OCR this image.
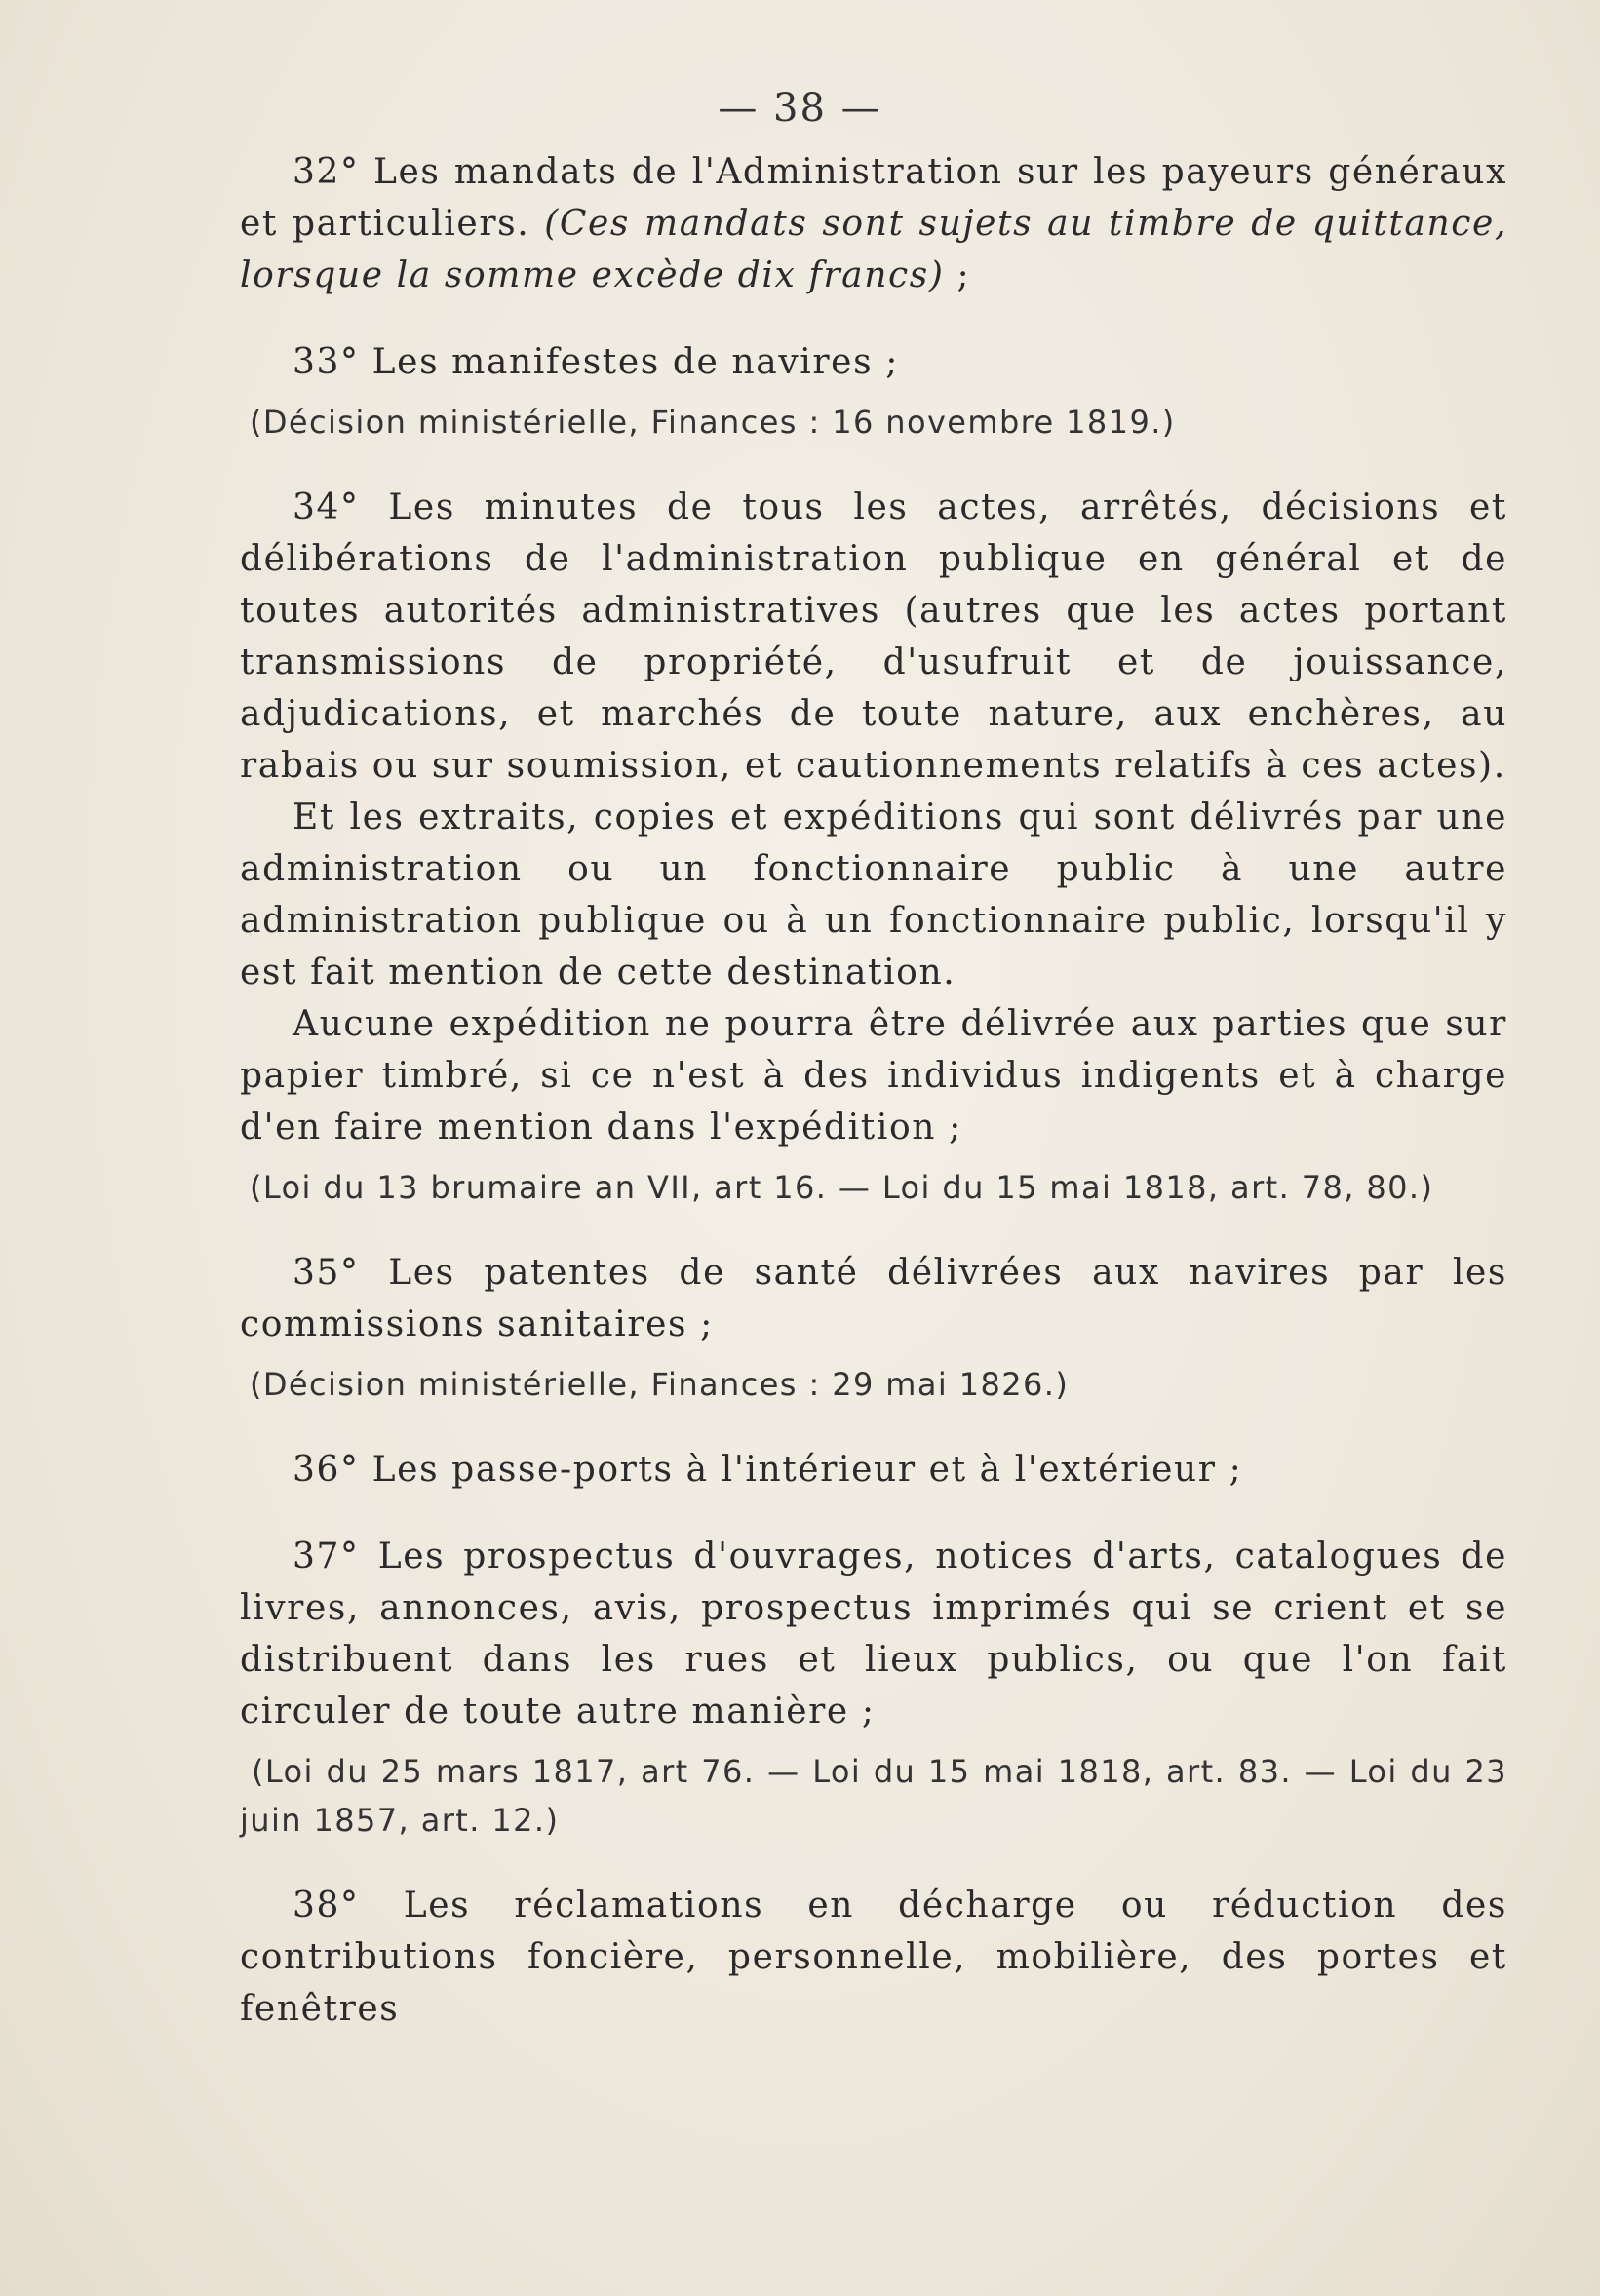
— 38 —

32° Les mandats de l'Administration sur les payeurs généraux et particuliers. (Ces mandats sont sujets au timbre de quittance, lorsque la somme excède dix francs) ;

33° Les manifestes de navires ;

(Décision ministérielle, Finances : 16 novembre 1819.)

34° Les minutes de tous les actes, arrêtés, décisions et délibérations de l'administration publique en général et de toutes autorités administratives (autres que les actes portant transmissions de propriété, d'usufruit et de jouissance, adjudications, et marchés de toute nature, aux enchères, au rabais ou sur soumission, et cautionnements relatifs à ces actes).

Et les extraits, copies et expéditions qui sont délivrés par une administration ou un fonctionnaire public à une autre administration publique ou à un fonctionnaire public, lorsqu'il y est fait mention de cette destination.

Aucune expédition ne pourra être délivrée aux parties que sur papier timbré, si ce n'est à des individus indigents et à charge d'en faire mention dans l'expédition ;

(Loi du 13 brumaire an VII, art 16. — Loi du 15 mai 1818, art. 78, 80.)

35° Les patentes de santé délivrées aux navires par les commissions sanitaires ;

(Décision ministérielle, Finances : 29 mai 1826.)

36° Les passe-ports à l'intérieur et à l'extérieur ;

37° Les prospectus d'ouvrages, notices d'arts, catalogues de livres, annonces, avis, prospectus imprimés qui se crient et se distribuent dans les rues et lieux publics, ou que l'on fait circuler de toute autre manière ;

(Loi du 25 mars 1817, art 76. — Loi du 15 mai 1818, art. 83. — Loi du 23 juin 1857, art. 12.)

38° Les réclamations en décharge ou réduction des contributions foncière, personnelle, mobilière, des portes et fenêtres
